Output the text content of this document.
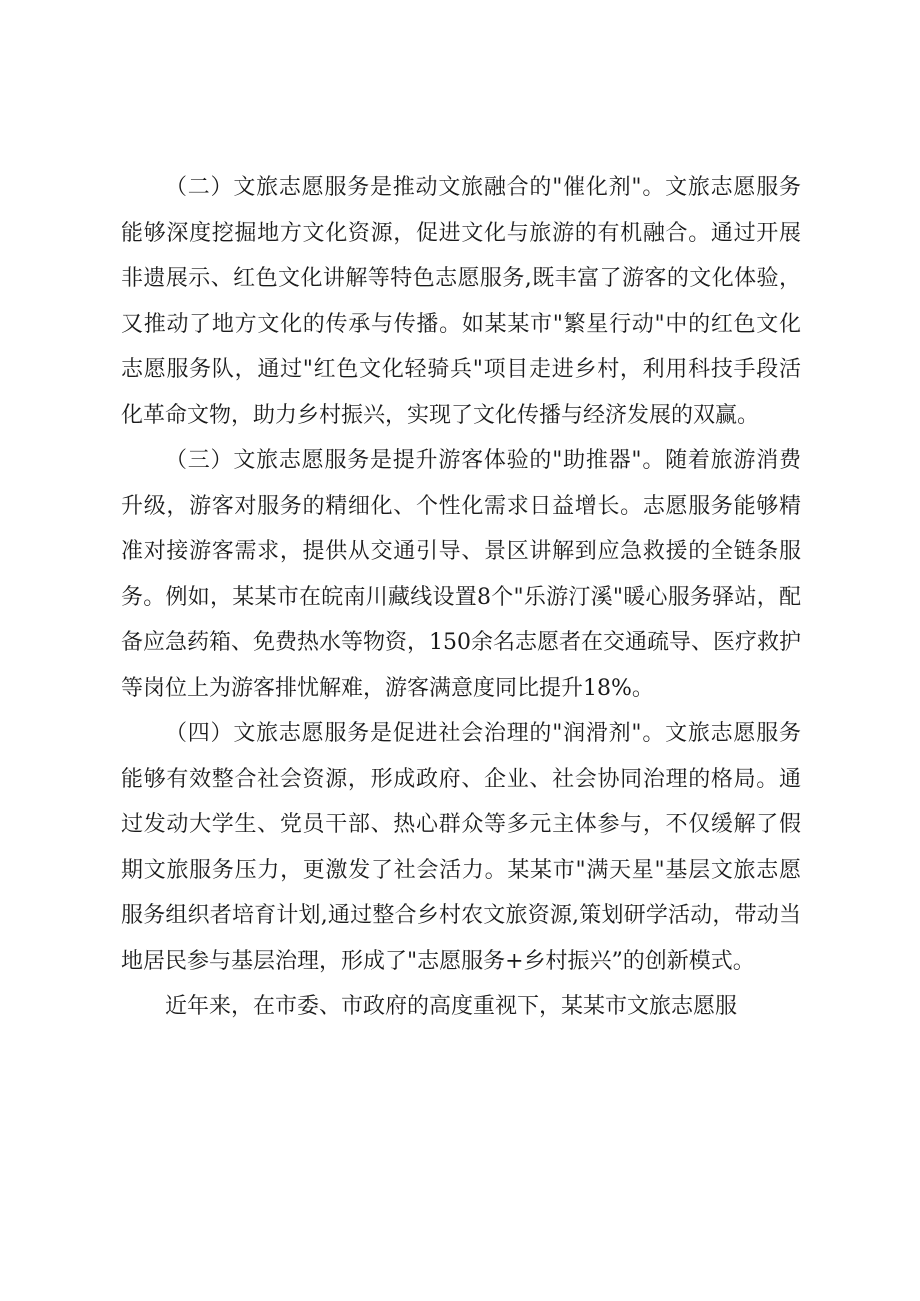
（二）文旅志愿服务是推动文旅融合的"催化剂"。文旅志愿服务能够深度挖掘地方文化资源，促进文化与旅游的有机融合。通过开展非遗展示、红色文化讲解等特色志愿服务,既丰富了游客的文化体验，又推动了地方文化的传承与传播。如某某市"繁星行动"中的红色文化志愿服务队，通过"红色文化轻骑兵"项目走进乡村，利用科技手段活化革命文物，助力乡村振兴，实现了文化传播与经济发展的双赢。

（三）文旅志愿服务是提升游客体验的"助推器"。随着旅游消费升级，游客对服务的精细化、个性化需求日益增长。志愿服务能够精准对接游客需求，提供从交通引导、景区讲解到应急救援的全链条服务。例如，某某市在皖南川藏线设置8个"乐游汀溪"暖心服务驿站，配备应急药箱、免费热水等物资，150余名志愿者在交通疏导、医疗救护等岗位上为游客排忧解难，游客满意度同比提升18%。

（四）文旅志愿服务是促进社会治理的"润滑剂"。文旅志愿服务能够有效整合社会资源，形成政府、企业、社会协同治理的格局。通过发动大学生、党员干部、热心群众等多元主体参与，不仅缓解了假期文旅服务压力，更激发了社会活力。某某市"满天星"基层文旅志愿服务组织者培育计划,通过整合乡村农文旅资源,策划研学活动，带动当地居民参与基层治理，形成了"志愿服务+乡村振兴”的创新模式。

近年来，在市委、市政府的高度重视下，某某市文旅志愿服
